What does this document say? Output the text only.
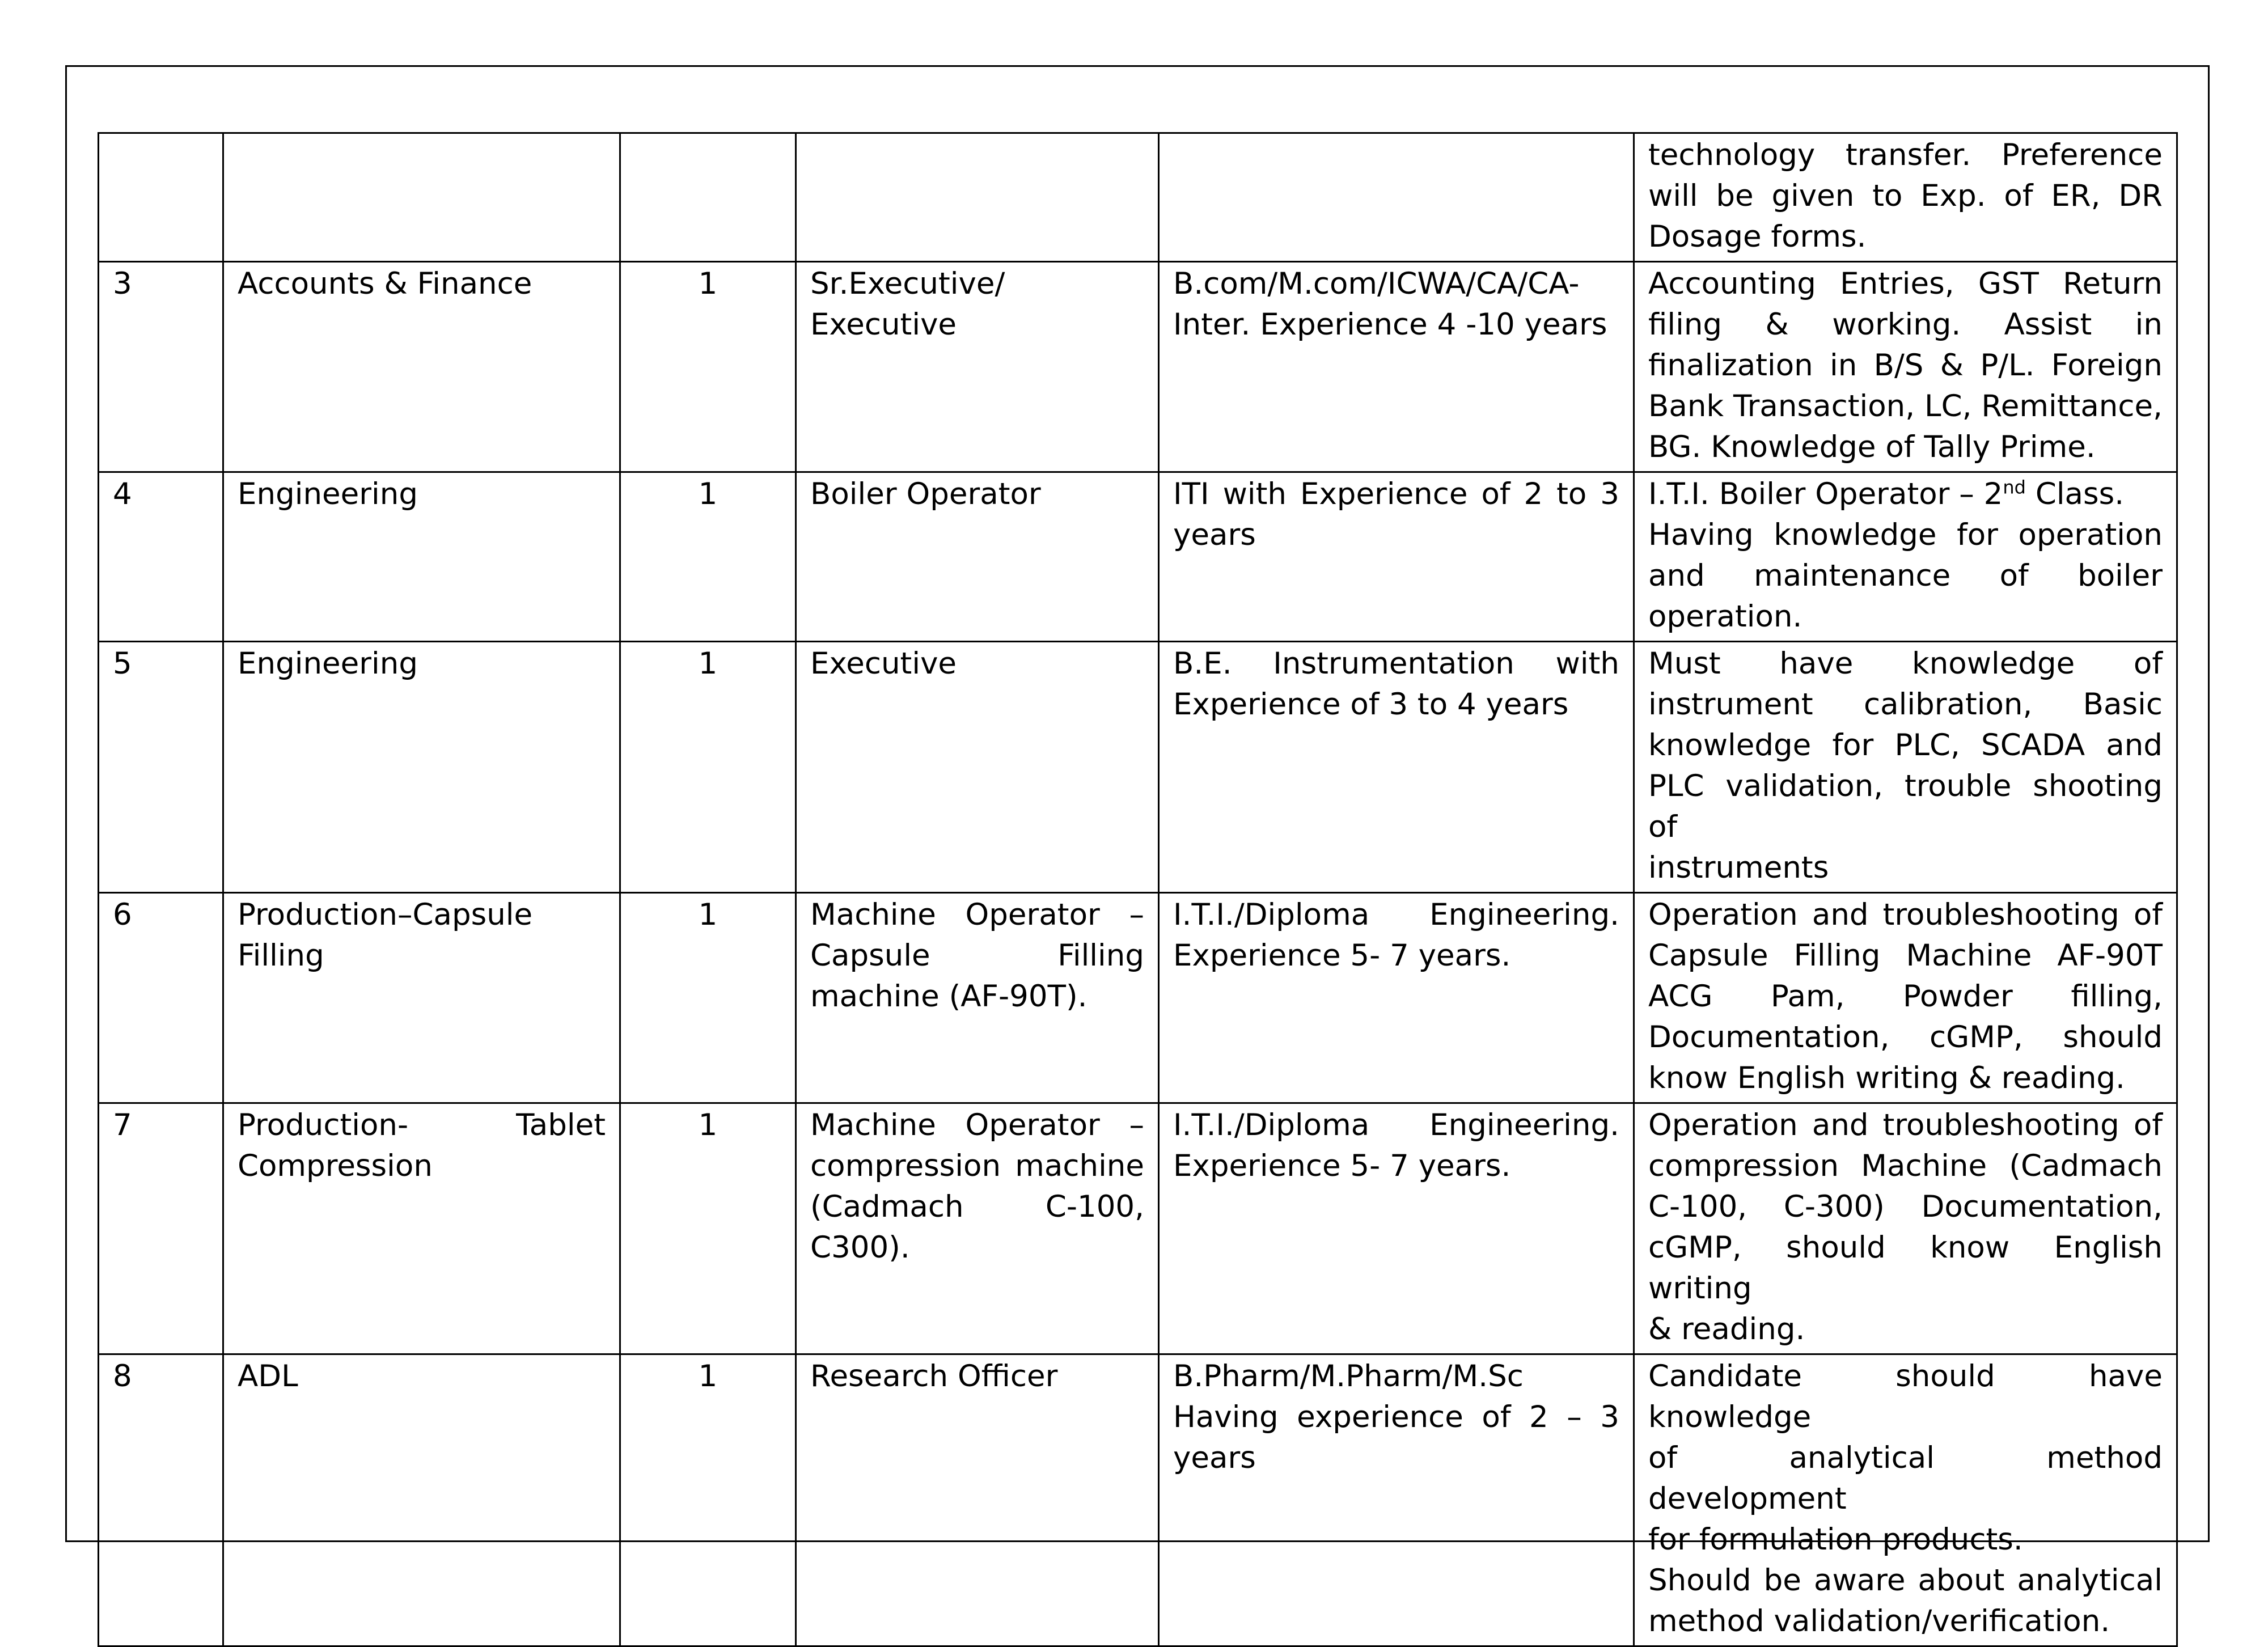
					technology transfer. Preference
will be given to Exp. of ER, DR
Dosage forms.

3	Accounts & Finance	1	Sr.Executive/
Executive	B.com/M.com/ICWA/CA/CA-
Inter. Experience 4 -10 years	Accounting Entries, GST Return
filing & working. Assist in
finalization in B/S & P/L. Foreign
Bank Transaction, LC, Remittance,
BG. Knowledge of Tally Prime.

4	Engineering	1	Boiler Operator	ITI with Experience of 2 to 3
years	I.T.I. Boiler Operator – 2nd Class.
Having knowledge for operation
and maintenance of boiler
operation.

5	Engineering	1	Executive	B.E. Instrumentation with
Experience of 3 to 4 years	Must have knowledge of
instrument calibration, Basic
knowledge for PLC, SCADA and
PLC validation, trouble shooting of
instruments

6	Production–Capsule
Filling	1	Machine Operator –
Capsule Filling
machine (AF-90T).	I.T.I./Diploma Engineering.
Experience 5- 7 years.	Operation and troubleshooting of
Capsule Filling Machine AF-90T
ACG Pam, Powder filling,
Documentation, cGMP, should
know English writing & reading.

7	Production- Tablet
Compression	1	Machine Operator –
compression machine
(Cadmach C-100,
C300).	I.T.I./Diploma Engineering.
Experience 5- 7 years.	Operation and troubleshooting of
compression Machine (Cadmach
C-100, C-300) Documentation,
cGMP, should know English writing
& reading.

8	ADL	1	Research Officer	B.Pharm/M.Pharm/M.Sc
Having experience of 2 – 3
years	Candidate should have knowledge
of analytical method development
for formulation products.
Should be aware about analytical
method validation/verification.
